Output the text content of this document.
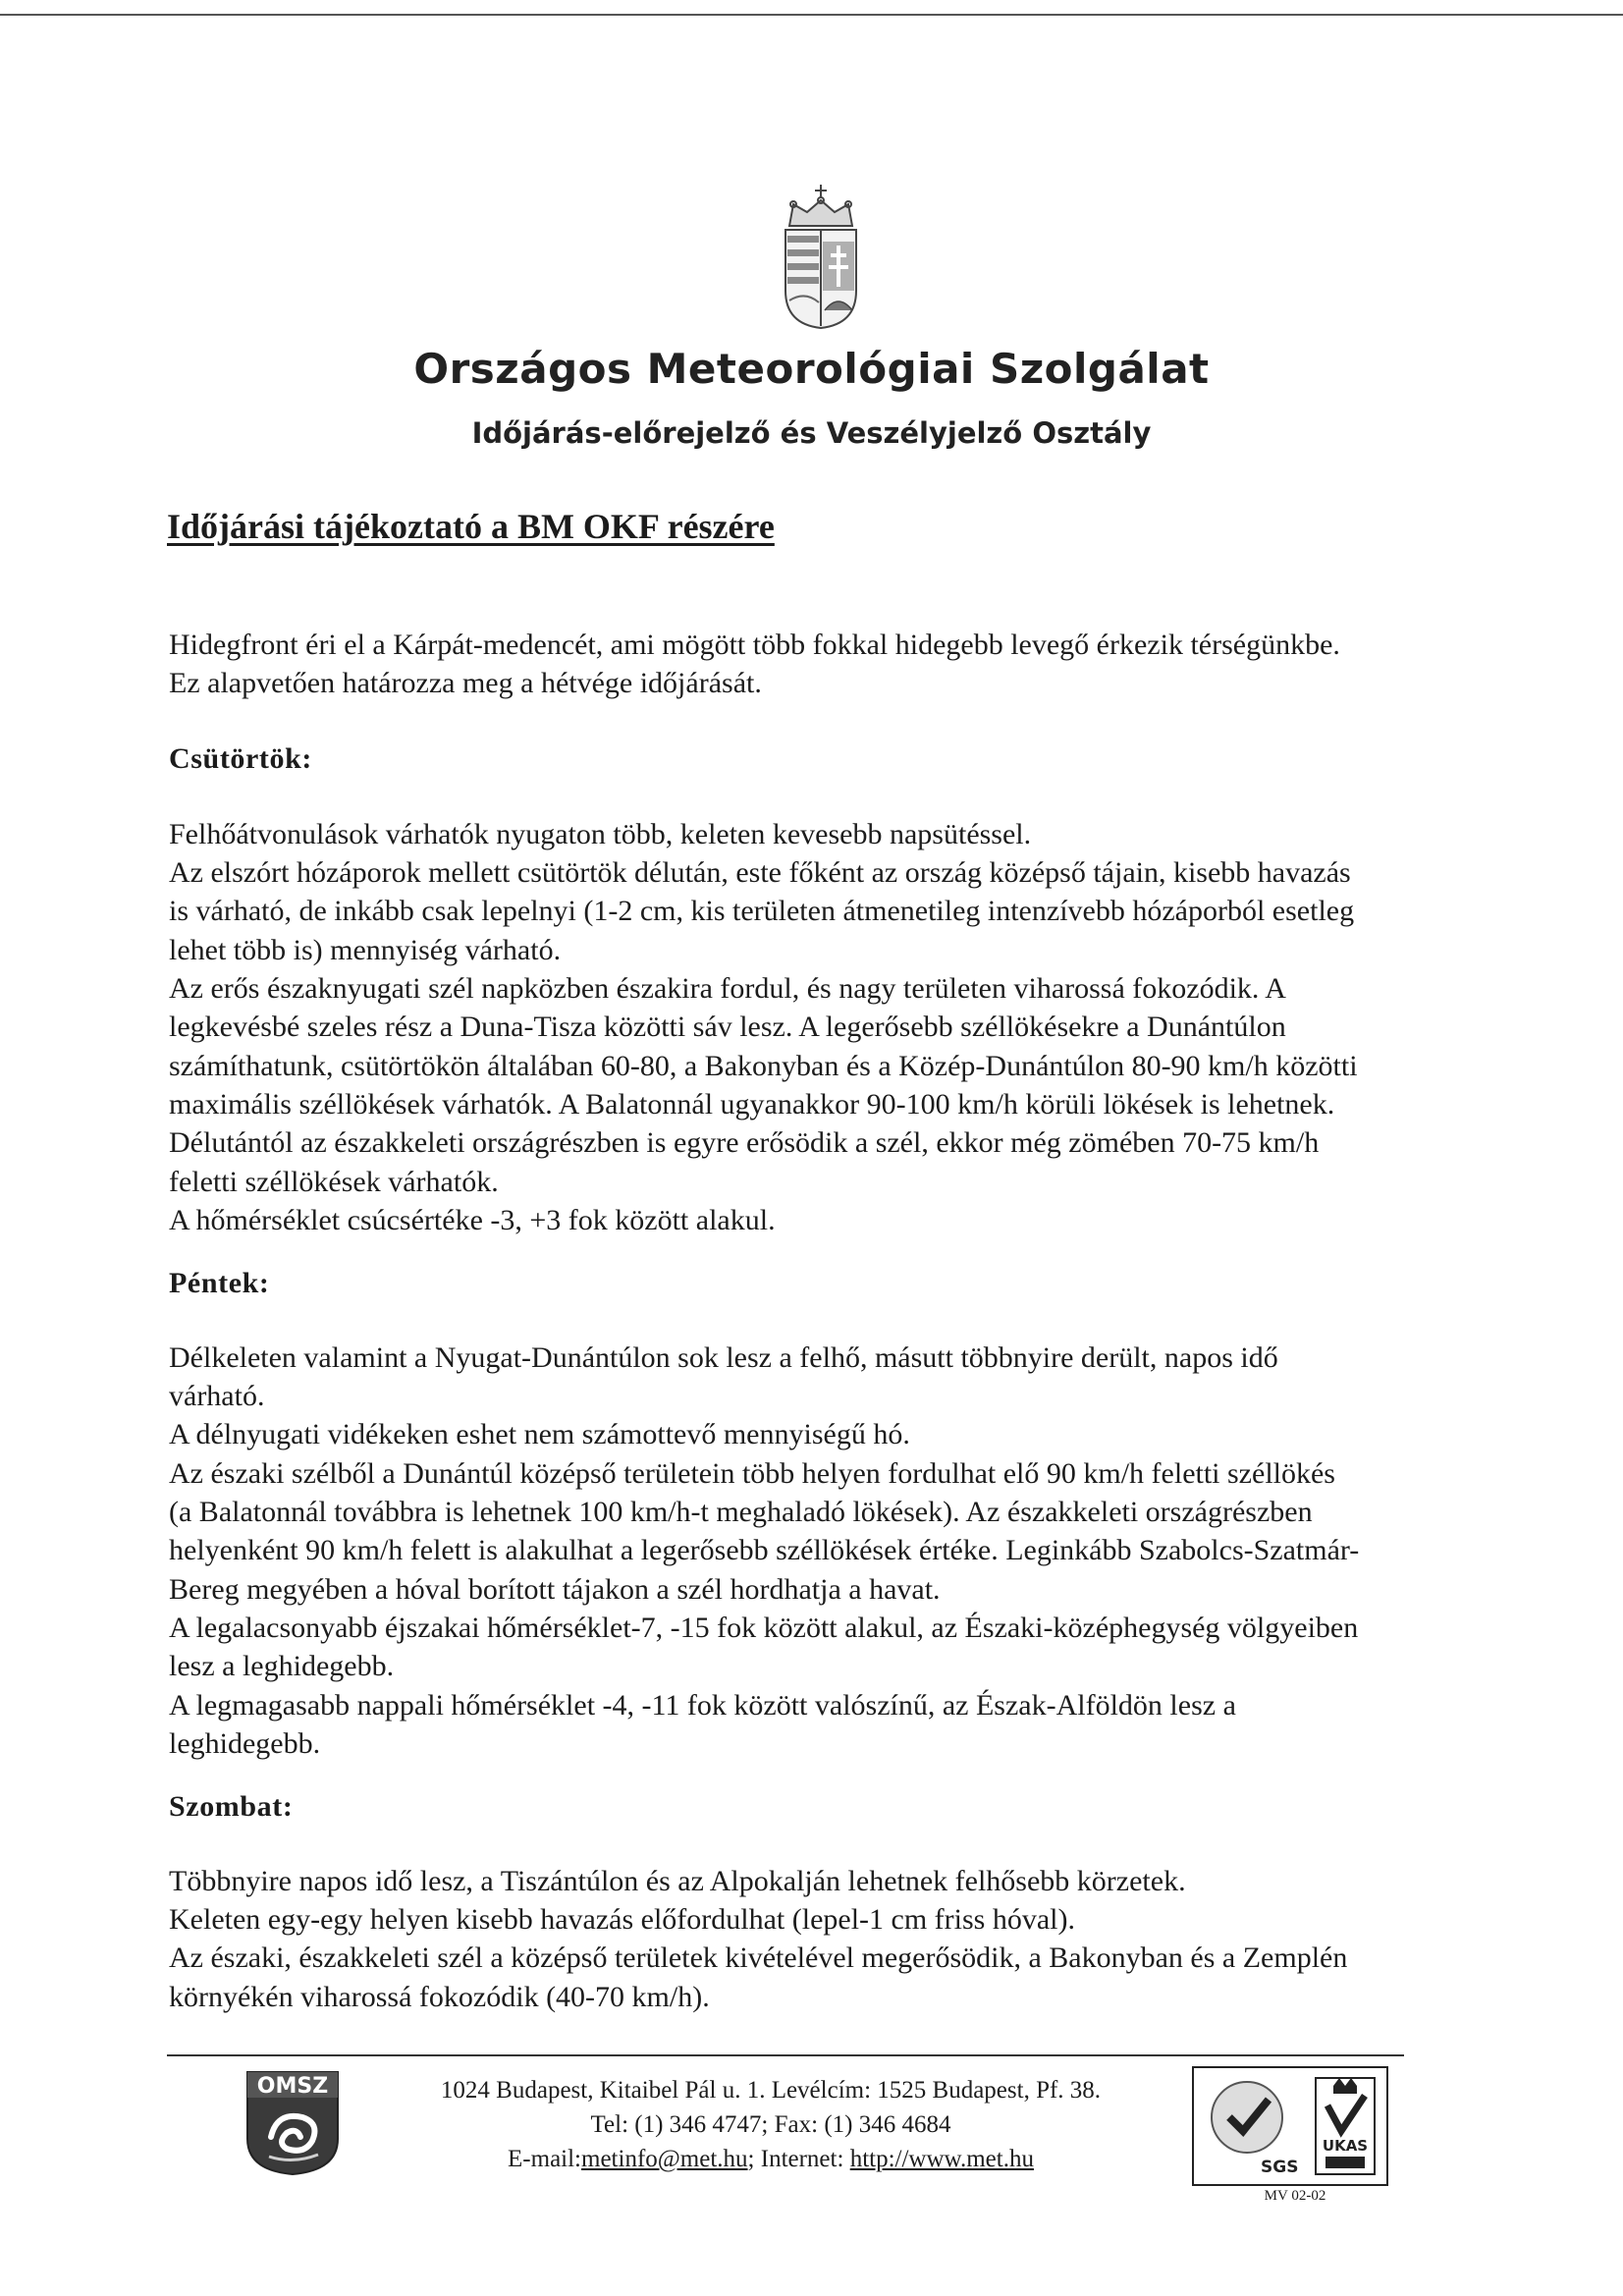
Országos Meteorológiai Szolgálat
Időjárás-előrejelző és Veszélyjelző Osztály
Időjárási tájékoztató a BM OKF részére

Hidegfront éri el a Kárpát-medencét, ami mögött több fokkal hidegebb levegő érkezik térségünkbe.

Ez alapvetően határozza meg a hétvége időjárását.

Csütörtök:

Felhőátvonulások várhatók nyugaton több, keleten kevesebb napsütéssel.

Az elszórt hózáporok mellett csütörtök délután, este főként az ország középső tájain, kisebb havazás

is várható, de inkább csak lepelnyi (1-2 cm, kis területen átmenetileg intenzívebb hózáporból esetleg

lehet több is) mennyiség várható.

Az erős északnyugati szél napközben északira fordul, és nagy területen viharossá fokozódik. A

legkevésbé szeles rész a Duna-Tisza közötti sáv lesz. A legerősebb széllökésekre a Dunántúlon

számíthatunk, csütörtökön általában 60-80, a Bakonyban és a Közép-Dunántúlon 80-90 km/h közötti

maximális széllökések várhatók. A Balatonnál ugyanakkor 90-100 km/h körüli lökések is lehetnek.

Délutántól az északkeleti országrészben is egyre erősödik a szél, ekkor még zömében 70-75 km/h

feletti széllökések várhatók.

A hőmérséklet csúcsértéke -3, +3 fok között alakul.

Péntek:

Délkeleten valamint a Nyugat-Dunántúlon sok lesz a felhő, másutt többnyire derült, napos idő

várható.

A délnyugati vidékeken eshet nem számottevő mennyiségű hó.

Az északi szélből a Dunántúl középső területein több helyen fordulhat elő 90 km/h feletti széllökés

(a Balatonnál továbbra is lehetnek 100 km/h-t meghaladó lökések). Az északkeleti országrészben

helyenként 90 km/h felett is alakulhat a legerősebb széllökések értéke. Leginkább Szabolcs-Szatmár-

Bereg megyében a hóval borított tájakon a szél hordhatja a havat.

A legalacsonyabb éjszakai hőmérséklet-7, -15 fok között alakul, az Északi-középhegység völgyeiben

lesz a leghidegebb.

A legmagasabb nappali hőmérséklet -4, -11 fok között valószínű, az Észak-Alföldön lesz a

leghidegebb.

Szombat:

Többnyire napos idő lesz, a Tiszántúlon és az Alpokalján lehetnek felhősebb körzetek.

Keleten egy-egy helyen kisebb havazás előfordulhat (lepel-1 cm friss hóval).

Az északi, északkeleti szél a középső területek kivételével megerősödik, a Bakonyban és a Zemplén

környékén viharossá fokozódik (40-70 km/h).

OMSZ	1024 Budapest, Kitaibel Pál u. 1. Levélcím: 1525 Budapest, Pf. 38.

Tel: (1) 346 4747; Fax: (1) 346 4684

E-mail:metinfo@met.hu; Internet: http://www.met.hu	SGS
UKAS

MV 02-02
